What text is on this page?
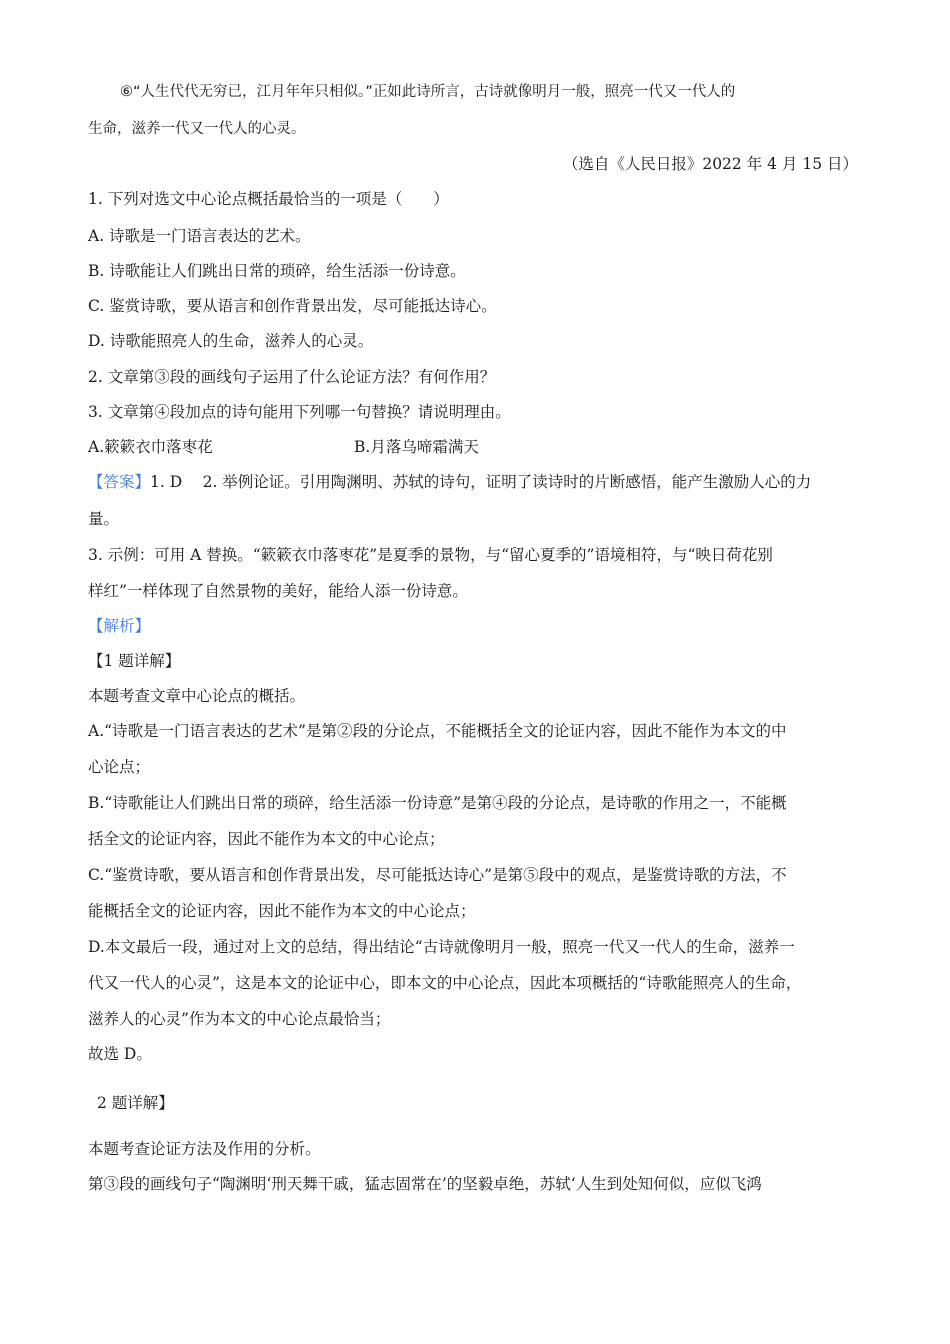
⑥“人生代代无穷已，江月年年只相似。”正如此诗所言，古诗就像明月一般，照亮一代又一代人的
生命，滋养一代又一代人的心灵。
（选自《人民日报》2022 年 4 月 15 日）
1. 下列对选文中心论点概括最恰当的一项是（　　）
A. 诗歌是一门语言表达的艺术。
B. 诗歌能让人们跳出日常的琐碎，给生活添一份诗意。
C. 鉴赏诗歌，要从语言和创作背景出发，尽可能抵达诗心。
D. 诗歌能照亮人的生命，滋养人的心灵。
2. 文章第③段的画线句子运用了什么论证方法？有何作用？
3. 文章第④段加点的诗句能用下列哪一句替换？请说明理由。
A.簌簌衣巾落枣花	B.月落乌啼霜满天
【答案】1. D　 2. 举例论证。引用陶渊明、苏轼的诗句，证明了读诗时的片断感悟，能产生激励人心的力
量。
3. 示例：可用 A 替换。“簌簌衣巾落枣花”是夏季的景物，与“留心夏季的”语境相符，与“映日荷花别
样红”一样体现了自然景物的美好，能给人添一份诗意。
【解析】
【1 题详解】
本题考查文章中心论点的概括。
A.“诗歌是一门语言表达的艺术”是第②段的分论点，不能概括全文的论证内容，因此不能作为本文的中
心论点；
B.“诗歌能让人们跳出日常的琐碎，给生活添一份诗意”是第④段的分论点，是诗歌的作用之一，不能概
括全文的论证内容，因此不能作为本文的中心论点；
C.“鉴赏诗歌，要从语言和创作背景出发，尽可能抵达诗心”是第⑤段中的观点，是鉴赏诗歌的方法，不
能概括全文的论证内容，因此不能作为本文的中心论点；
D.本文最后一段，通过对上文的总结，得出结论“古诗就像明月一般，照亮一代又一代人的生命，滋养一
代又一代人的心灵”，这是本文的论证中心，即本文的中心论点，因此本项概括的“诗歌能照亮人的生命，
滋养人的心灵”作为本文的中心论点最恰当；
故选 D。
2 题详解】
本题考查论证方法及作用的分析。
第③段的画线句子“陶渊明‘刑天舞干戚，猛志固常在’的坚毅卓绝，苏轼‘人生到处知何似，应似飞鸿
